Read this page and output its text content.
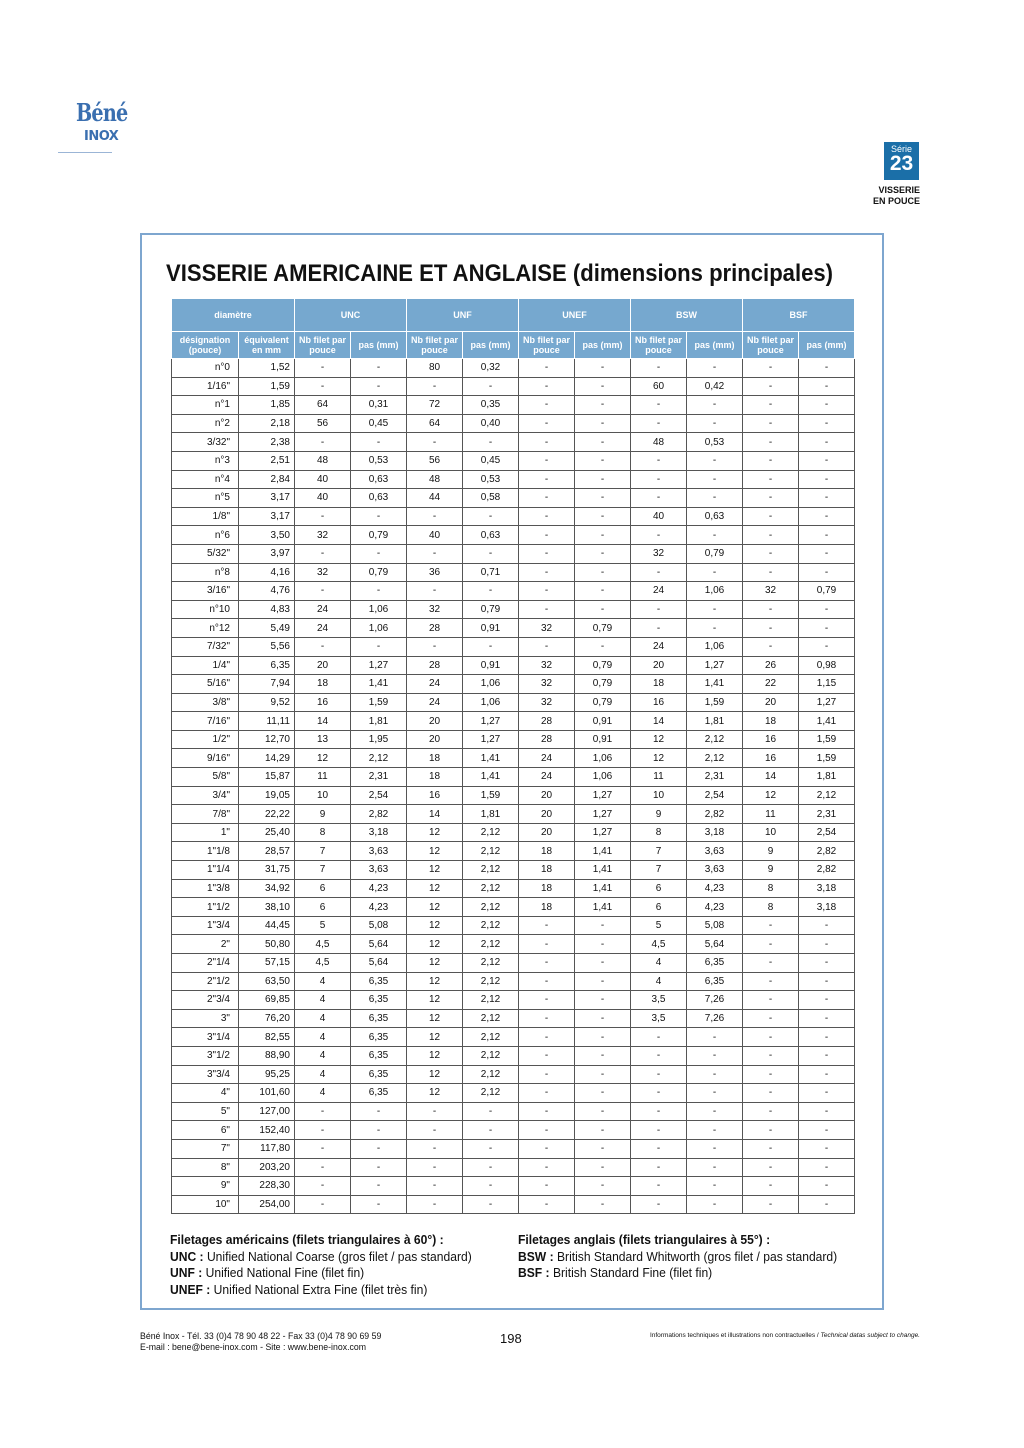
Béné
INOX
Série
23
VISSERIE
EN POUCE
VISSERIE AMERICAINE ET ANGLAISE (dimensions principales)
diamètre		UNC		UNF		UNEF		BSW		BSF	
désignation (pouce)	équivalent en mm	Nb filet par pouce	pas (mm)	Nb filet par pouce	pas (mm)	Nb filet par pouce	pas (mm)	Nb filet par pouce	pas (mm)	Nb filet par pouce	pas (mm)
n°0	1,52	-	-	80	0,32	-	-	-	-	-	-
1/16"	1,59	-	-	-	-	-	-	60	0,42	-	-
n°1	1,85	64	0,31	72	0,35	-	-	-	-	-	-
n°2	2,18	56	0,45	64	0,40	-	-	-	-	-	-
3/32"	2,38	-	-	-	-	-	-	48	0,53	-	-
n°3	2,51	48	0,53	56	0,45	-	-	-	-	-	-
n°4	2,84	40	0,63	48	0,53	-	-	-	-	-	-
n°5	3,17	40	0,63	44	0,58	-	-	-	-	-	-
1/8"	3,17	-	-	-	-	-	-	40	0,63	-	-
n°6	3,50	32	0,79	40	0,63	-	-	-	-	-	-
5/32"	3,97	-	-	-	-	-	-	32	0,79	-	-
n°8	4,16	32	0,79	36	0,71	-	-	-	-	-	-
3/16"	4,76	-	-	-	-	-	-	24	1,06	32	0,79
n°10	4,83	24	1,06	32	0,79	-	-	-	-	-	-
n°12	5,49	24	1,06	28	0,91	32	0,79	-	-	-	-
7/32"	5,56	-	-	-	-	-	-	24	1,06	-	-
1/4"	6,35	20	1,27	28	0,91	32	0,79	20	1,27	26	0,98
5/16"	7,94	18	1,41	24	1,06	32	0,79	18	1,41	22	1,15
3/8"	9,52	16	1,59	24	1,06	32	0,79	16	1,59	20	1,27
7/16"	11,11	14	1,81	20	1,27	28	0,91	14	1,81	18	1,41
1/2"	12,70	13	1,95	20	1,27	28	0,91	12	2,12	16	1,59
9/16"	14,29	12	2,12	18	1,41	24	1,06	12	2,12	16	1,59
5/8"	15,87	11	2,31	18	1,41	24	1,06	11	2,31	14	1,81
3/4"	19,05	10	2,54	16	1,59	20	1,27	10	2,54	12	2,12
7/8"	22,22	9	2,82	14	1,81	20	1,27	9	2,82	11	2,31
1"	25,40	8	3,18	12	2,12	20	1,27	8	3,18	10	2,54
1"1/8	28,57	7	3,63	12	2,12	18	1,41	7	3,63	9	2,82
1"1/4	31,75	7	3,63	12	2,12	18	1,41	7	3,63	9	2,82
1"3/8	34,92	6	4,23	12	2,12	18	1,41	6	4,23	8	3,18
1"1/2	38,10	6	4,23	12	2,12	18	1,41	6	4,23	8	3,18
1"3/4	44,45	5	5,08	12	2,12	-	-	5	5,08	-	-
2"	50,80	4,5	5,64	12	2,12	-	-	4,5	5,64	-	-
2"1/4	57,15	4,5	5,64	12	2,12	-	-	4	6,35	-	-
2"1/2	63,50	4	6,35	12	2,12	-	-	4	6,35	-	-
2"3/4	69,85	4	6,35	12	2,12	-	-	3,5	7,26	-	-
3"	76,20	4	6,35	12	2,12	-	-	3,5	7,26	-	-
3"1/4	82,55	4	6,35	12	2,12	-	-	-	-	-	-
3"1/2	88,90	4	6,35	12	2,12	-	-	-	-	-	-
3"3/4	95,25	4	6,35	12	2,12	-	-	-	-	-	-
4"	101,60	4	6,35	12	2,12	-	-	-	-	-	-
5"	127,00	-	-	-	-	-	-	-	-	-	-
6"	152,40	-	-	-	-	-	-	-	-	-	-
7"	117,80	-	-	-	-	-	-	-	-	-	-
8"	203,20	-	-	-	-	-	-	-	-	-	-
9"	228,30	-	-	-	-	-	-	-	-	-	-
10"	254,00	-	-	-	-	-	-	-	-	-	-
Filetages américains (filets triangulaires à 60°) :
UNC : Unified National Coarse (gros filet / pas standard)
UNF : Unified National Fine (filet fin)
UNEF : Unified National Extra Fine (filet très fin)
Filetages anglais (filets triangulaires à 55°) :
BSW : British Standard Whitworth (gros filet / pas standard)
BSF : British Standard Fine (filet fin)
Béné Inox - Tél. 33 (0)4 78 90 48 22 - Fax 33 (0)4 78 90 69 59
E-mail : bene@bene-inox.com - Site : www.bene-inox.com
198	Informations techniques et illustrations non contractuelles / Technical datas subject to change.
